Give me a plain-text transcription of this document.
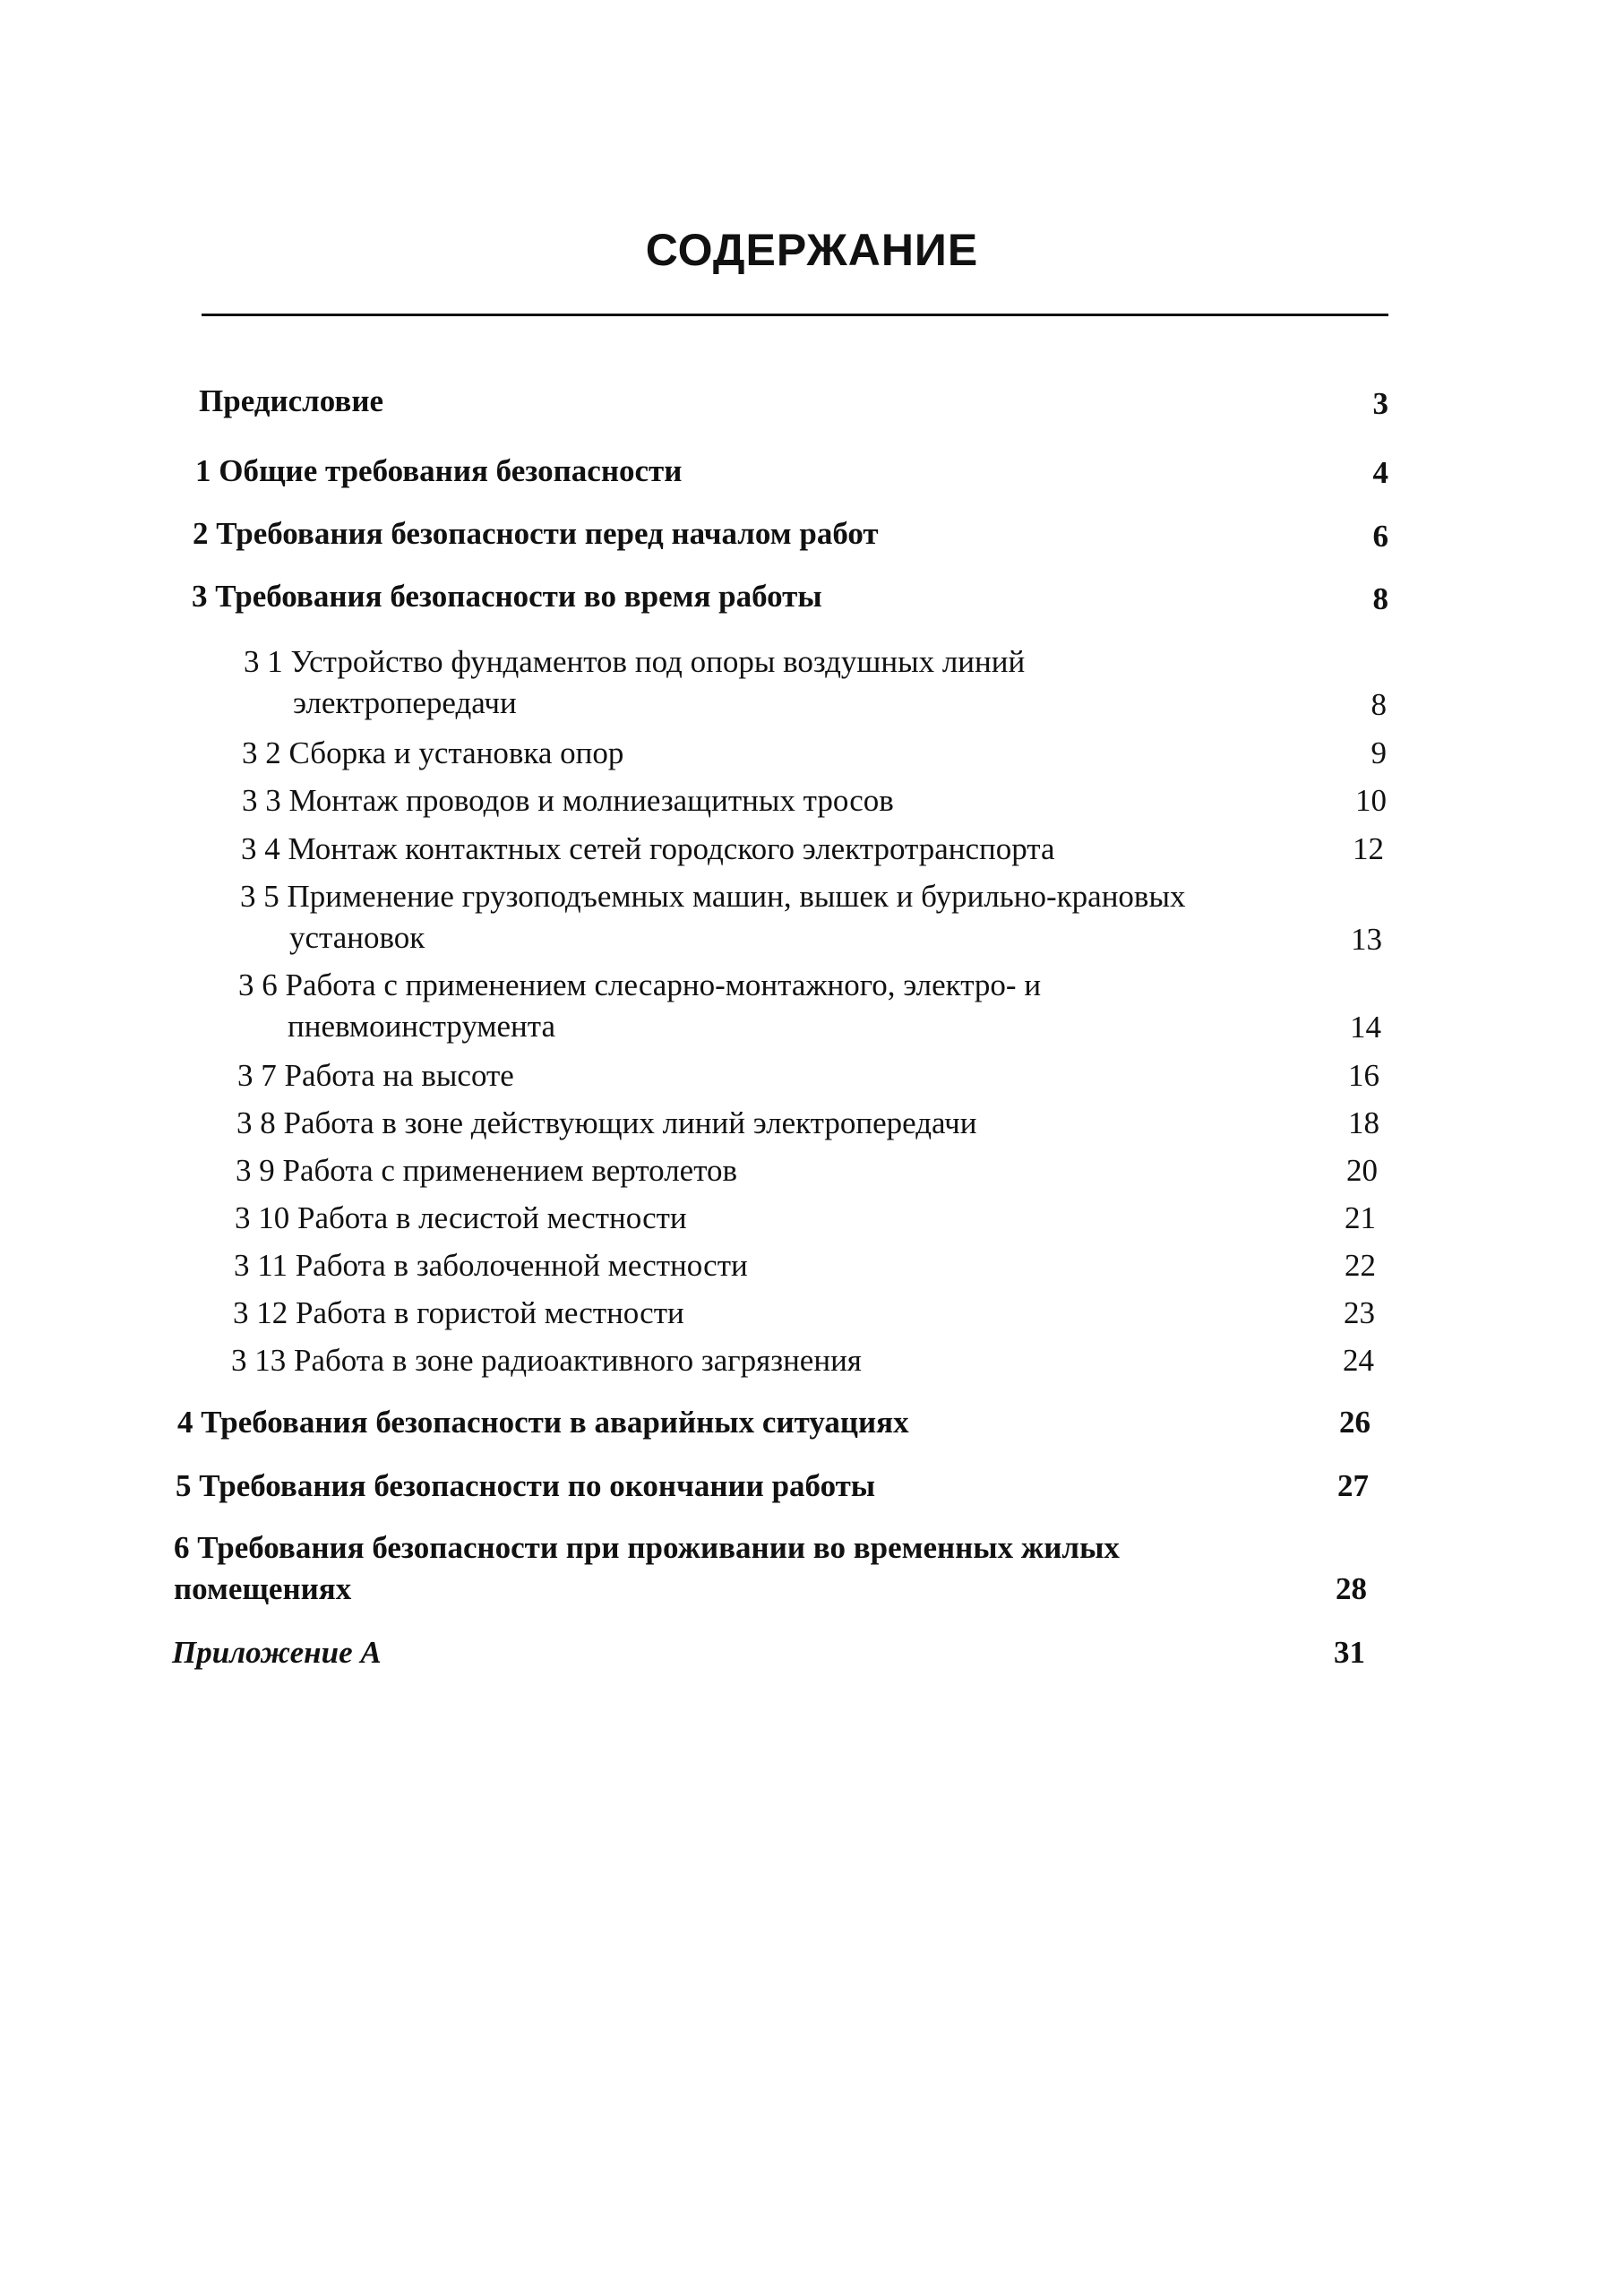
СОДЕРЖАНИЕ
Предисловие	3
1 Общие требования безопасности	4
2 Требования безопасности перед началом работ	6
3 Требования безопасности во время работы	8
3 1 Устройство фундаментов под опоры воздушных линий
электропередачи	8
3 2 Сборка и установка опор	9
3 3 Монтаж проводов и молниезащитных тросов	10
3 4 Монтаж контактных сетей городского электротранспорта	12
3 5 Применение грузоподъемных машин, вышек и бурильно-крановых
установок	13
3 6 Работа с применением слесарно-монтажного, электро- и
пневмоинструмента	14
3 7 Работа на высоте	16
3 8 Работа в зоне действующих линий электропередачи	18
3 9 Работа с применением вертолетов	20
3 10 Работа в лесистой местности	21
3 11 Работа в заболоченной местности	22
3 12 Работа в гористой местности	23
3 13 Работа в зоне радиоактивного загрязнения	24
4 Требования безопасности в аварийных ситуациях	26
5 Требования безопасности по окончании работы	27
6 Требования безопасности при проживании во временных жилых
помещениях	28
Приложение А	31
